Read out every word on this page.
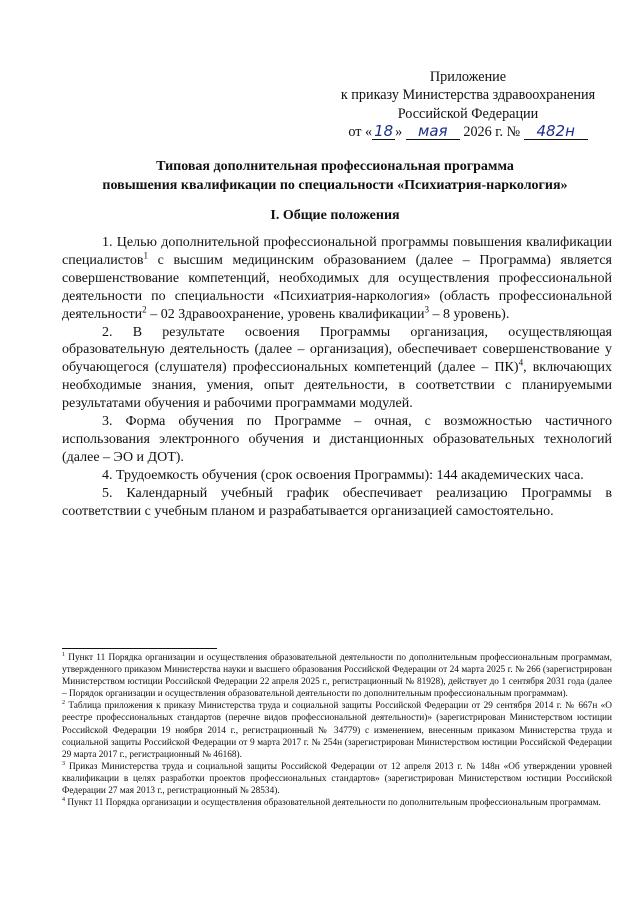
Приложение
к приказу Министерства здравоохранения
Российской Федерации
от « 18 » мая 2026 г. № 482н
Типовая дополнительная профессиональная программа
повышения квалификации по специальности «Психиатрия-наркология»
I. Общие положения

1. Целью дополнительной профессиональной программы повышения квалификации специалистов$^1$ с высшим медицинским образованием (далее – Программа) является совершенствование компетенций, необходимых для осуществления профессиональной деятельности по специальности «Психиатрия-наркология» (область профессиональной деятельности$^2$ – 02 Здравоохранение, уровень квалификации$^3$ – 8 уровень).

2. В результате освоения Программы организация, осуществляющая образовательную деятельность (далее – организация), обеспечивает совершенствование у обучающегося (слушателя) профессиональных компетенций (далее – ПК)$^4$, включающих необходимые знания, умения, опыт деятельности, в соответствии с планируемыми результатами обучения и рабочими программами модулей.

3. Форма обучения по Программе – очная, с возможностью частичного использования электронного обучения и дистанционных образовательных технологий (далее – ЭО и ДОТ).

4. Трудоемкость обучения (срок освоения Программы): 144 академических часа.

5. Календарный учебный график обеспечивает реализацию Программы в соответствии с учебным планом и разрабатывается организацией самостоятельно.

$^1$ Пункт 11 Порядка организации и осуществления образовательной деятельности по дополнительным профессиональным программам, утвержденного приказом Министерства науки и высшего образования Российской Федерации от 24 марта 2025 г. № 266 (зарегистрирован Министерством юстиции Российской Федерации 22 апреля 2025 г., регистрационный № 81928), действует до 1 сентября 2031 года (далее – Порядок организации и осуществления образовательной деятельности по дополнительным профессиональным программам).

$^2$ Таблица приложения к приказу Министерства труда и социальной защиты Российской Федерации от 29 сентября 2014 г. № 667н «О реестре профессиональных стандартов (перечне видов профессиональной деятельности)» (зарегистрирован Министерством юстиции Российской Федерации 19 ноября 2014 г., регистрационный № 34779) с изменением, внесенным приказом Министерства труда и социальной защиты Российской Федерации от 9 марта 2017 г. № 254н (зарегистрирован Министерством юстиции Российской Федерации 29 марта 2017 г., регистрационный № 46168).

$^3$ Приказ Министерства труда и социальной защиты Российской Федерации от 12 апреля 2013 г. № 148н «Об утверждении уровней квалификации в целях разработки проектов профессиональных стандартов» (зарегистрирован Министерством юстиции Российской Федерации 27 мая 2013 г., регистрационный № 28534).

$^4$ Пункт 11 Порядка организации и осуществления образовательной деятельности по дополнительным профессиональным программам.
